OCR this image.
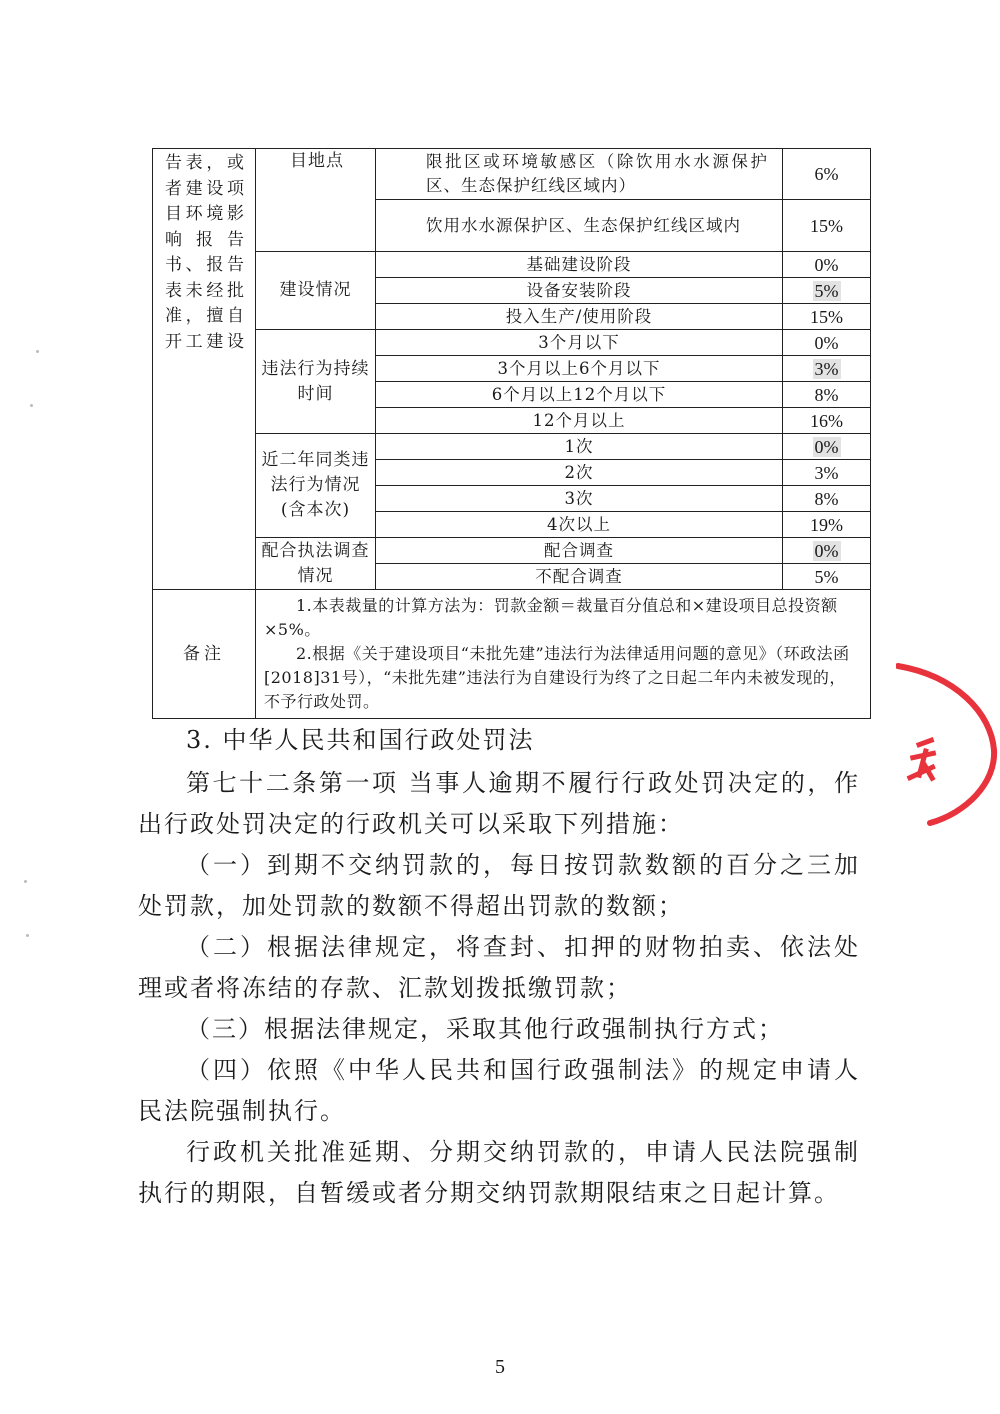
告表，或者建设项目环境影响报告书、报告表未经批准，擅自开工建设	目地点	限批区或环境敏感区（除饮用水水源保护区、生态保护红线区域内）	6%
		饮用水水源保护区、生态保护红线区域内	15%
	建设情况	基础建设阶段	0%
		设备安装阶段	5%
		投入生产/使用阶段	15%
	违法行为持续时间	3个月以下	0%
		3个月以上6个月以下	3%
		6个月以上12个月以下	8%
		12个月以上	16%
	近二年同类违法行为情况(含本次)	1次	0%
		2次	3%
		3次	8%
		4次以上	19%
	配合执法调查情况	配合调查	0%
		不配合调查	5%
备注	1.本表裁量的计算方法为：罚款金额＝裁量百分值总和×建设项目总投资额×5%。

2.根据《关于建设项目“未批先建”违法行为法律适用问题的意见》（环政法函[2018]31号），“未批先建”违法行为自建设行为终了之日起二年内未被发现的，不予行政处罚。		

3. 中华人民共和国行政处罚法

第七十二条第一项 当事人逾期不履行行政处罚决定的，作出行政处罚决定的行政机关可以采取下列措施：

（一）到期不交纳罚款的，每日按罚款数额的百分之三加处罚款，加处罚款的数额不得超出罚款的数额；

（二）根据法律规定，将查封、扣押的财物拍卖、依法处理或者将冻结的存款、汇款划拨抵缴罚款；

（三）根据法律规定，采取其他行政强制执行方式；

（四）依照《中华人民共和国行政强制法》的规定申请人民法院强制执行。

行政机关批准延期、分期交纳罚款的，申请人民法院强制执行的期限，自暂缓或者分期交纳罚款期限结束之日起计算。

5
